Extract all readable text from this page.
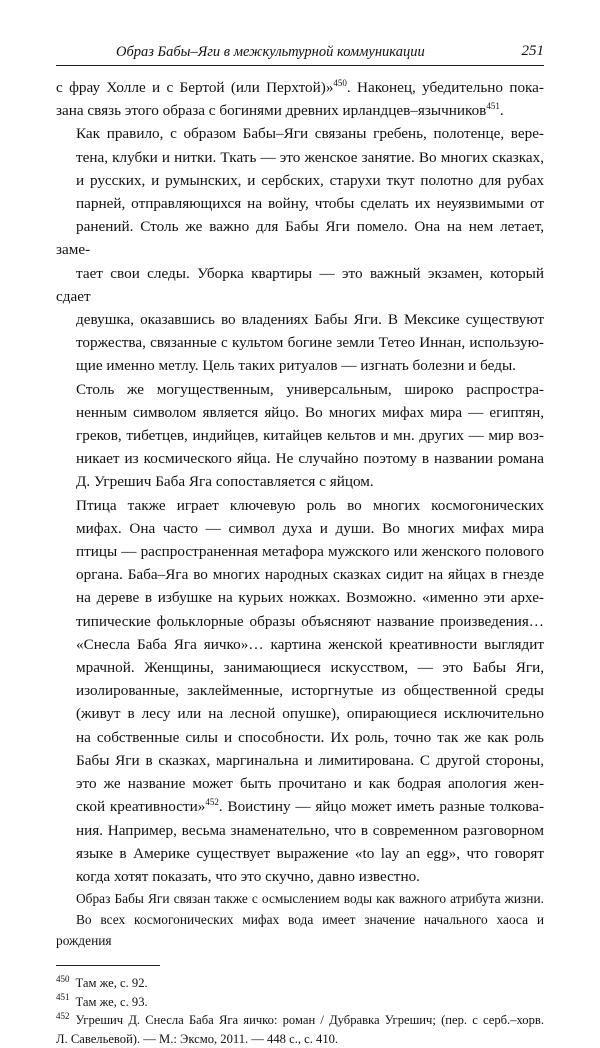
Образ Бабы–Яги в межкультурной коммуникации	251

с фрау Холле и с Бертой (или Перхтой)»$^{450}$. Наконец, убедительно пока-
зана связь этого образа с богинями древних ирландцев–язычников$^{451}$.

Как правило, с образом Бабы–Яги связаны гребень, полотенце, вере-
тена, клубки и нитки. Ткать — это женское занятие. Во многих сказках,
и русских, и румынских, и сербских, старухи ткут полотно для рубах
парней, отправляющихся на войну, чтобы сделать их неуязвимыми от
ранений. Столь же важно для Бабы Яги помело. Она на нем летает, заме-
тает свои следы. Уборка квартиры — это важный экзамен, который сдает
девушка, оказавшись во владениях Бабы Яги. В Мексике существуют
торжества, связанные с культом богине земли Тетео Иннан, использую-
щие именно метлу. Цель таких ритуалов — изгнать болезни и беды.

Столь же могущественным, универсальным, широко распростра-
ненным символом является яйцо. Во многих мифах мира — египтян,
греков, тибетцев, индийцев, китайцев кельтов и мн. других — мир воз-
никает из космического яйца. Не случайно поэтому в названии романа
Д. Угрешич Баба Яга сопоставляется с яйцом.

Птица также играет ключевую роль во многих космогонических
мифах. Она часто — символ духа и души. Во многих мифах мира
птицы — распространенная метафора мужского или женского полового
органа. Баба–Яга во многих народных сказках сидит на яйцах в гнезде
на дереве в избушке на курьих ножках. Возможно. «именно эти архе-
типические фольклорные образы объясняют название произведения…
«Снесла Баба Яга яичко»… картина женской креативности выглядит
мрачной. Женщины, занимающиеся искусством, — это Бабы Яги,
изолированные, заклейменные, исторгнутые из общественной среды
(живут в лесу или на лесной опушке), опирающиеся исключительно
на собственные силы и способности. Их роль, точно так же как роль
Бабы Яги в сказках, маргинальна и лимитирована. С другой стороны,
это же название может быть прочитано и как бодрая апология жен-
ской креативности»$^{452}$. Воистину — яйцо может иметь разные толкова-
ния. Например, весьма знаменательно, что в современном разговорном
языке в Америке существует выражение «to lay an egg», что говорят
когда хотят показать, что это скучно, давно известно.

Образ Бабы Яги связан также с осмыслением воды как важного атрибута жизни.
Во всех космогонических мифах вода имеет значение начального хаоса и рождения

$^{450}$ Там же, с. 92.
$^{451}$ Там же, с. 93.
$^{452}$ Угрешич Д. Снесла Баба Яга яичко: роман / Дубравка Угрешич; (пер. с серб.–хорв.
Л. Савельевой). — М.: Эксмо, 2011. — 448 с., с. 410.
